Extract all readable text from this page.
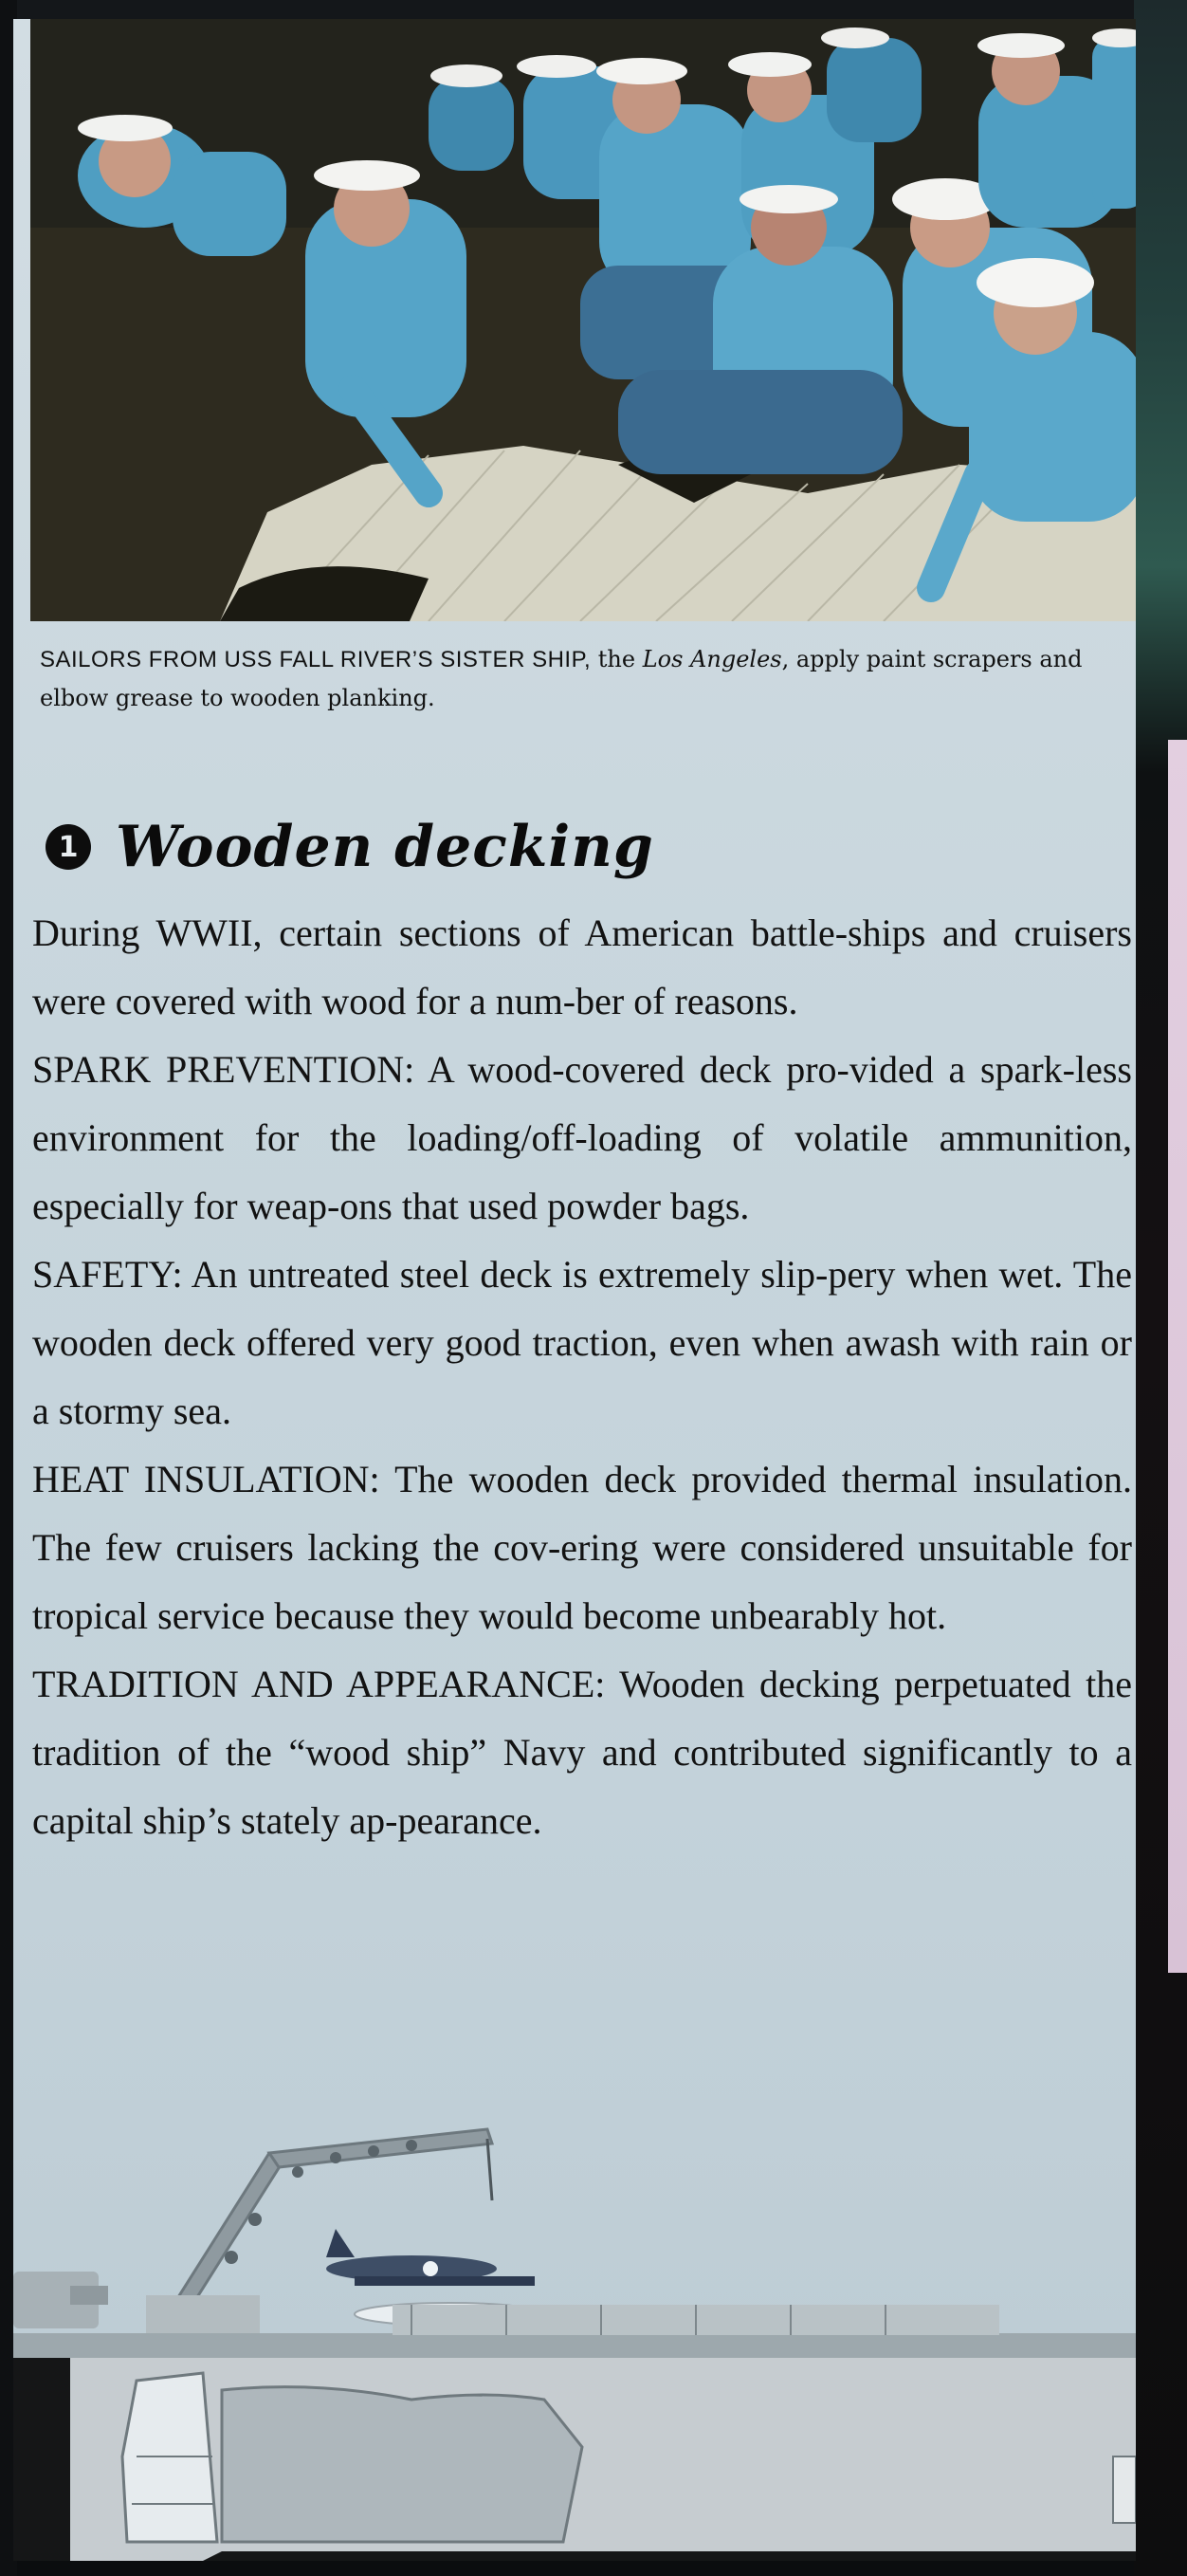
SAILORS FROM USS FALL RIVER’S SISTER SHIP, the Los Angeles, apply paint scrapers and elbow grease to wooden planking.
1 Wooden decking

During WWII, certain sections of American battle-ships and cruisers were covered with wood for a num-ber of reasons.

SPARK PREVENTION: A wood-covered deck pro-vided a spark-less environment for the loading/off-loading of volatile ammunition, especially for weap-ons that used powder bags.

SAFETY: An untreated steel deck is extremely slip-pery when wet. The wooden deck offered very good traction, even when awash with rain or a stormy sea.

HEAT INSULATION: The wooden deck provided thermal insulation. The few cruisers lacking the cov-ering were considered unsuitable for tropical service because they would become unbearably hot.

TRADITION AND APPEARANCE: Wooden decking perpetuated the tradition of the “wood ship” Navy and contributed significantly to a capital ship’s stately ap-pearance.
